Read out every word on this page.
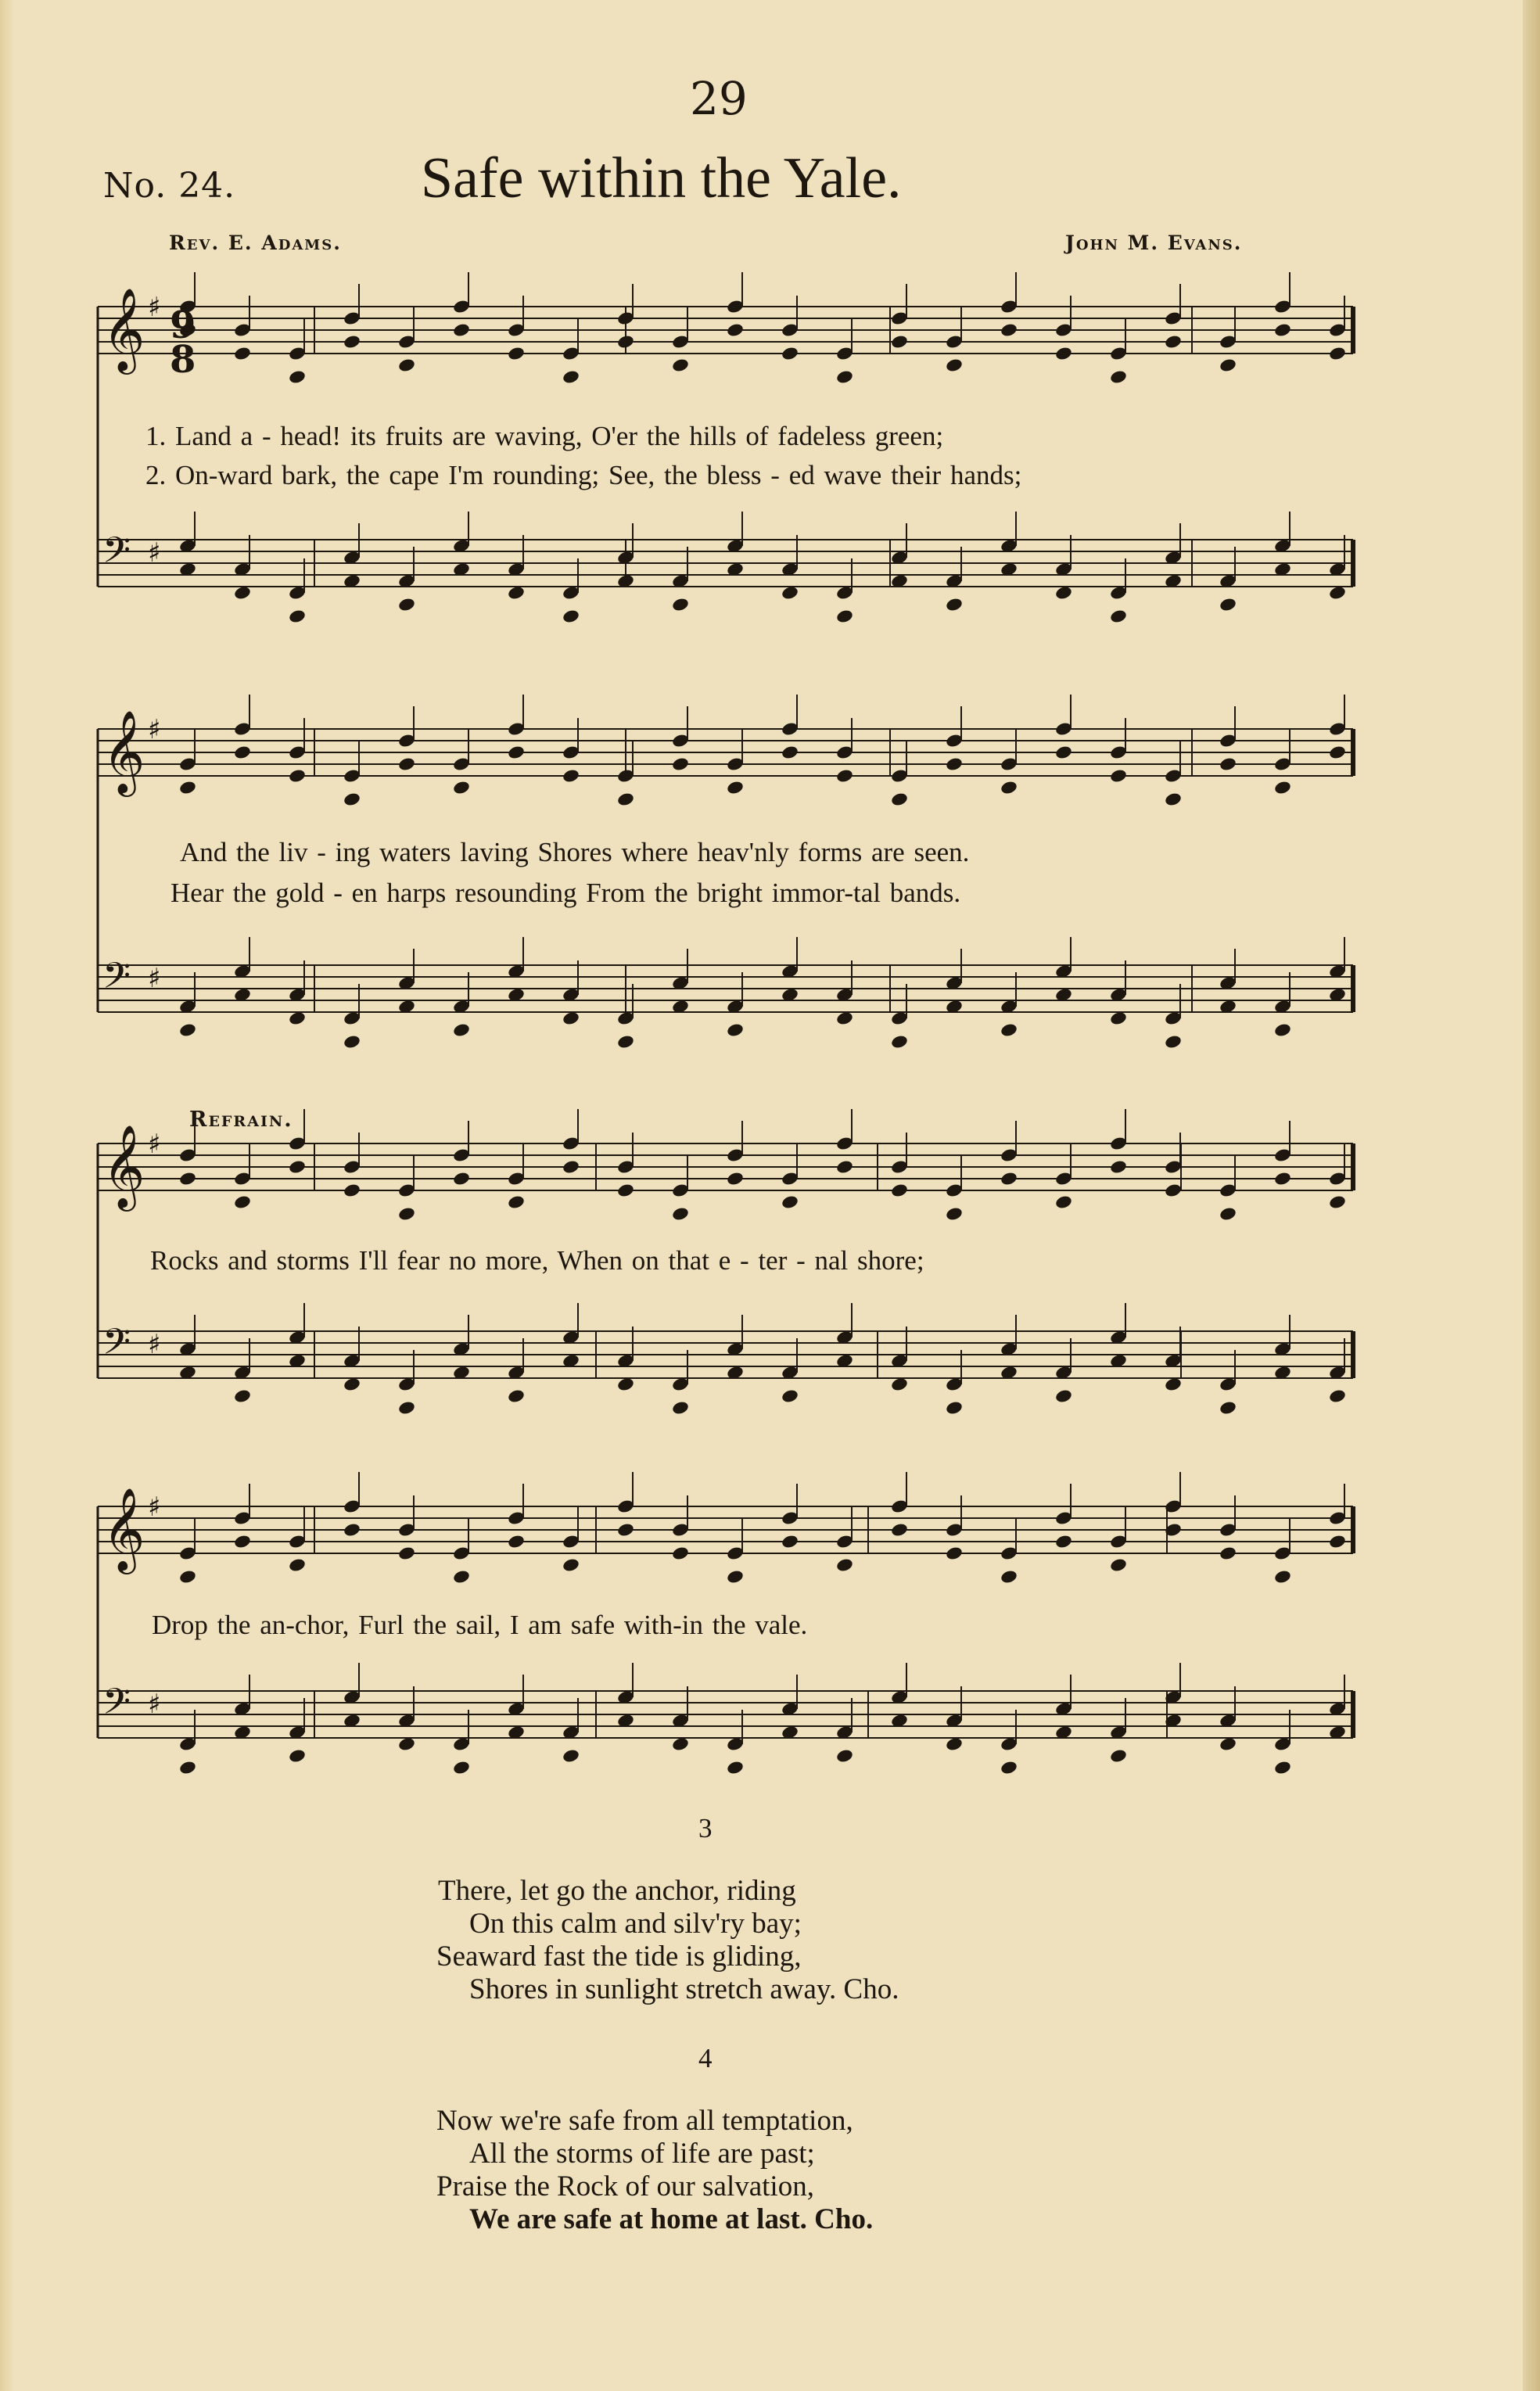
29
No. 24.	Safe within the Yale.
Rev. E. Adams.	John M. Evans.
𝄞 ♯
𝄢 ♯
𝄞 ♯
𝄢 ♯
𝄞 ♯
𝄢 ♯
𝄞 ♯
𝄢 ♯
9
8
1. Land a - head! its fruits are waving, O'er the hills of fadeless green;
2. On-ward bark, the cape I'm rounding; See, the bless - ed wave their hands;
And the liv - ing waters laving Shores where heav'nly forms are seen.
Hear the gold - en harps resounding From the bright immor-tal bands.
Refrain.
Rocks and storms I'll fear no more, When on that e - ter - nal shore;
Drop the an-chor, Furl the sail, I am safe with-in the vale.
3
There, let go the anchor, riding
On this calm and silv'ry bay;
Seaward fast the tide is gliding,
Shores in sunlight stretch away. Cho.
4
Now we're safe from all temptation,
All the storms of life are past;
Praise the Rock of our salvation,
We are safe at home at last. Cho.
